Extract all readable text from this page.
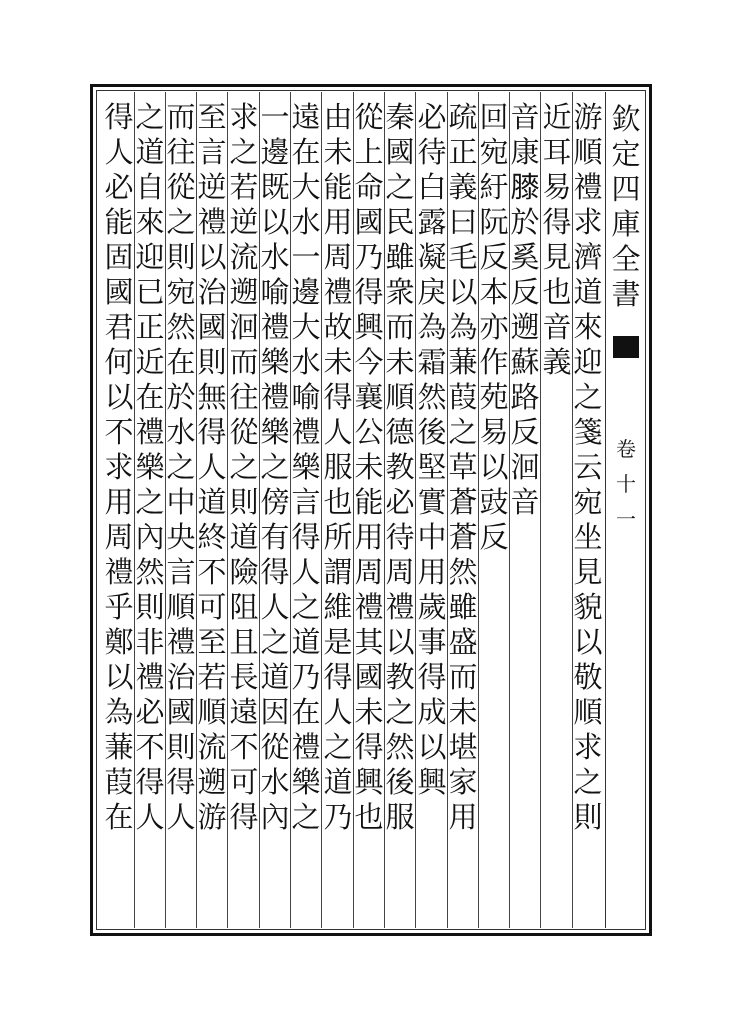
欽
定
四
庫
全
書
卷
十
一
游
順
禮
求
濟
道
來
迎
之
箋
云
宛
坐
見
貌
以
敬
順
求
之
則
近
耳
易
得
見
也
音
義
音
康
𦡀
於
奚
反
遡
蘇
路
反
洄
音
回
宛
紆
阮
反
本
亦
作
苑
易
以
豉
反
疏
正
義
曰
毛
以
為
蒹
葭
之
草
蒼
蒼
然
雖
盛
而
未
堪
家
用
必
待
白
露
凝
戾
為
霜
然
後
堅
實
中
用
歲
事
得
成
以
興
秦
國
之
民
雖
衆
而
未
順
德
教
必
待
周
禮
以
教
之
然
後
服
從
上
命
國
乃
得
興
今
襄
公
未
能
用
周
禮
其
國
未
得
興
也
由
未
能
用
周
禮
故
未
得
人
服
也
所
謂
維
是
得
人
之
道
乃
遠
在
大
水
一
邊
大
水
喻
禮
樂
言
得
人
之
道
乃
在
禮
樂
之
一
邊
既
以
水
喻
禮
樂
禮
樂
之
傍
有
得
人
之
道
因
從
水
內
求
之
若
逆
流
遡
洄
而
往
從
之
則
道
險
阻
且
長
遠
不
可
得
至
言
逆
禮
以
治
國
則
無
得
人
道
終
不
可
至
若
順
流
遡
游
而
往
從
之
則
宛
然
在
於
水
之
中
央
言
順
禮
治
國
則
得
人
之
道
自
來
迎
已
正
近
在
禮
樂
之
內
然
則
非
禮
必
不
得
人
得
人
必
能
固
國
君
何
以
不
求
用
周
禮
乎
鄭
以
為
蒹
葭
在
